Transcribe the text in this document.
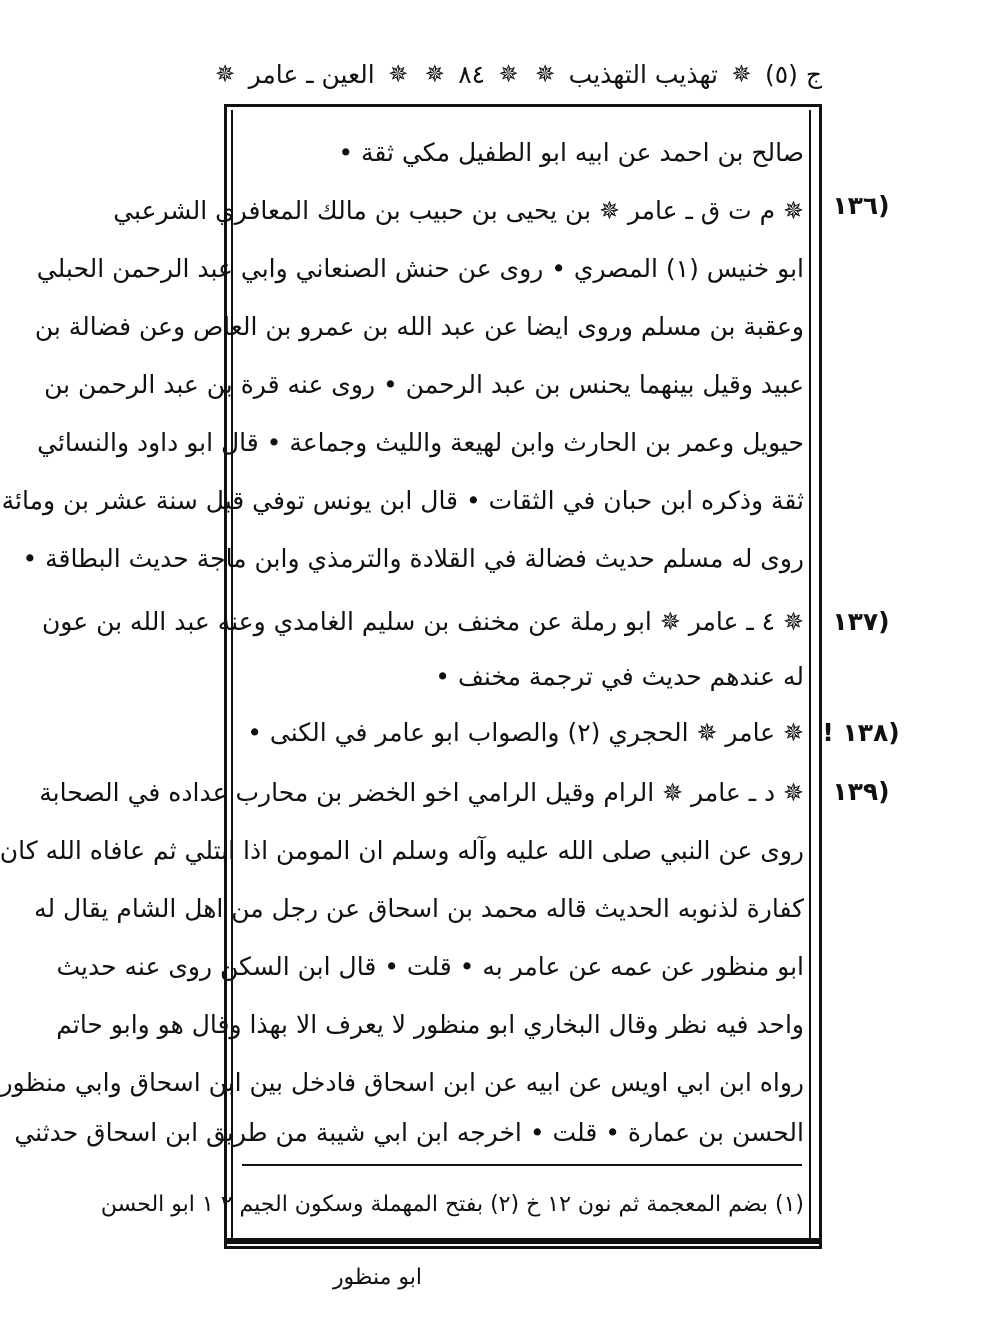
ج (٥)
✵
تهذيب التهذيب
✵
✵
٨٤
✵
✵
العين ـ عامر
✵
(١٣٦
(١٣٧
(١٣٨ !
(١٣٩
صالح بن احمد عن ابيه ابو الطفيل مكي ثقة •
✵ م ت ق ـ عامر ✵ بن يحيى بن حبيب بن مالك المعافري الشرعبي
ابو خنيس (١) المصري • روى عن حنش الصنعاني وابي عبد الرحمن الحبلي
وعقبة بن مسلم وروى ايضا عن عبد الله بن عمرو بن العاص وعن فضالة بن
عبيد وقيل بينهما يحنس بن عبد الرحمن • روى عنه قرة بن عبد الرحمن بن
حيويل وعمر بن الحارث وابن لهيعة والليث وجماعة • قال ابو داود والنسائي
ثقة وذكره ابن حبان في الثقات • قال ابن يونس توفي قبل سنة عشر بن ومائة
روى له مسلم حديث فضالة في القلادة والترمذي وابن ماجة حديث البطاقة •
✵ ٤ ـ عامر ✵ ابو رملة عن مخنف بن سليم الغامدي وعنه عبد الله بن عون
له عندهم حديث في ترجمة مخنف •
✵ عامر ✵ الحجري (٢) والصواب ابو عامر في الكنى •
✵ د ـ عامر ✵ الرام وقيل الرامي اخو الخضر بن محارب عداده في الصحابة
روى عن النبي صلى الله عليه وآله وسلم ان المومن اذا ابتلي ثم عافاه الله كان
كفارة لذنوبه الحديث قاله محمد بن اسحاق عن رجل من اهل الشام يقال له
ابو منظور عن عمه عن عامر به • قلت • قال ابن السكن روى عنه حديث
واحد فيه نظر وقال البخاري ابو منظور لا يعرف الا بهذا وقال هو وابو حاتم
رواه ابن ابي اويس عن ابيه عن ابن اسحاق فادخل بين ابن اسحاق وابي منظور
الحسن بن عمارة • قلت • اخرجه ابن ابي شيبة من طريق ابن اسحاق حدثني
(١) بضم المعجمة ثم نون ١٢ خ (٢) بفتح المهملة وسكون الجيم ٢ ١ ابو الحسن
ابو منظور
